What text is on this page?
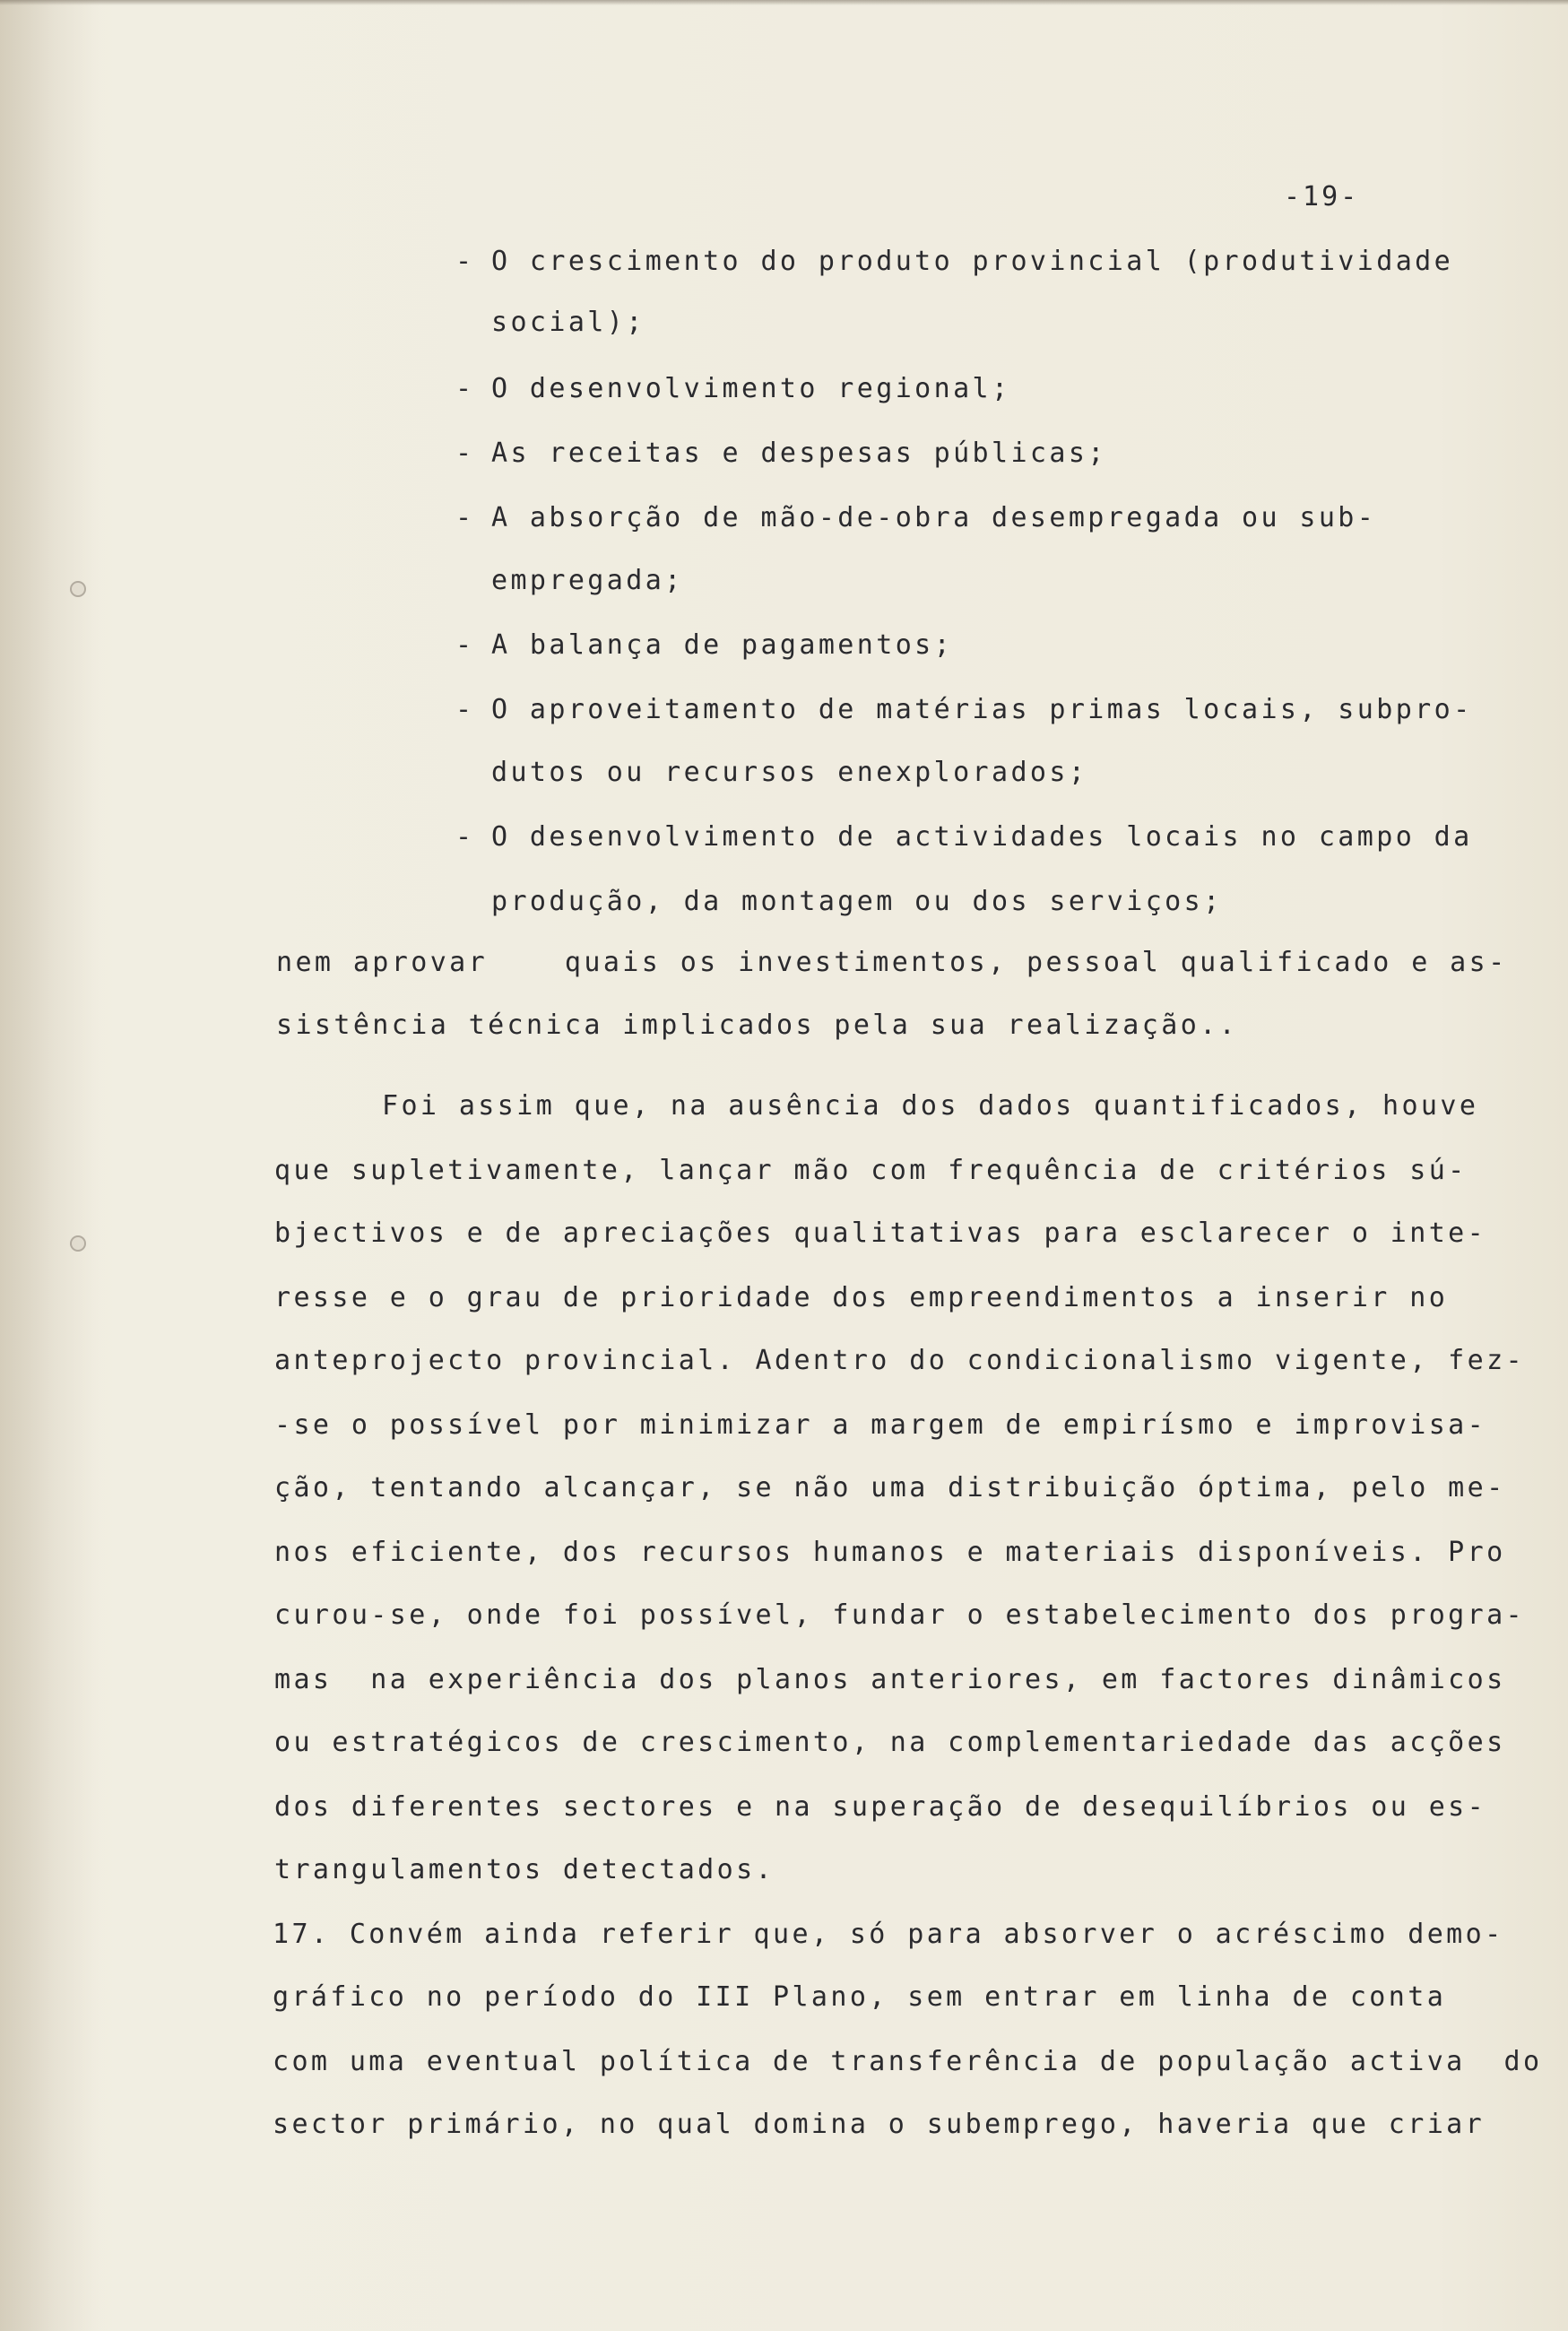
-19-
- O crescimento do produto provincial (produtividade
social);
- O desenvolvimento regional;
- As receitas e despesas públicas;
- A absorção de mão-de-obra desempregada ou sub-
empregada;
- A balança de pagamentos;
- O aproveitamento de matérias primas locais, subpro-
dutos ou recursos enexplorados;
- O desenvolvimento de actividades locais no campo da
produção, da montagem ou dos serviços;
nem aprovar    quais os investimentos, pessoal qualificado e as-
sistência técnica implicados pela sua realização..
Foi assim que, na ausência dos dados quantificados, houve
que supletivamente, lançar mão com frequência de critérios sú-
bjectivos e de apreciações qualitativas para esclarecer o inte-
resse e o grau de prioridade dos empreendimentos a inserir no
anteprojecto provincial. Adentro do condicionalismo vigente, fez-
-se o possível por minimizar a margem de empirísmo e improvisa-
ção, tentando alcançar, se não uma distribuição óptima, pelo me-
nos eficiente, dos recursos humanos e materiais disponíveis. Pro
curou-se, onde foi possível, fundar o estabelecimento dos progra-
mas  na experiência dos planos anteriores, em factores dinâmicos
ou estratégicos de crescimento, na complementariedade das acções
dos diferentes sectores e na superação de desequilíbrios ou es-
trangulamentos detectados.
17. Convém ainda referir que, só para absorver o acréscimo demo-
gráfico no período do III Plano, sem entrar em linha de conta
com uma eventual política de transferência de população activa  do
sector primário, no qual domina o subemprego, haveria que criar
